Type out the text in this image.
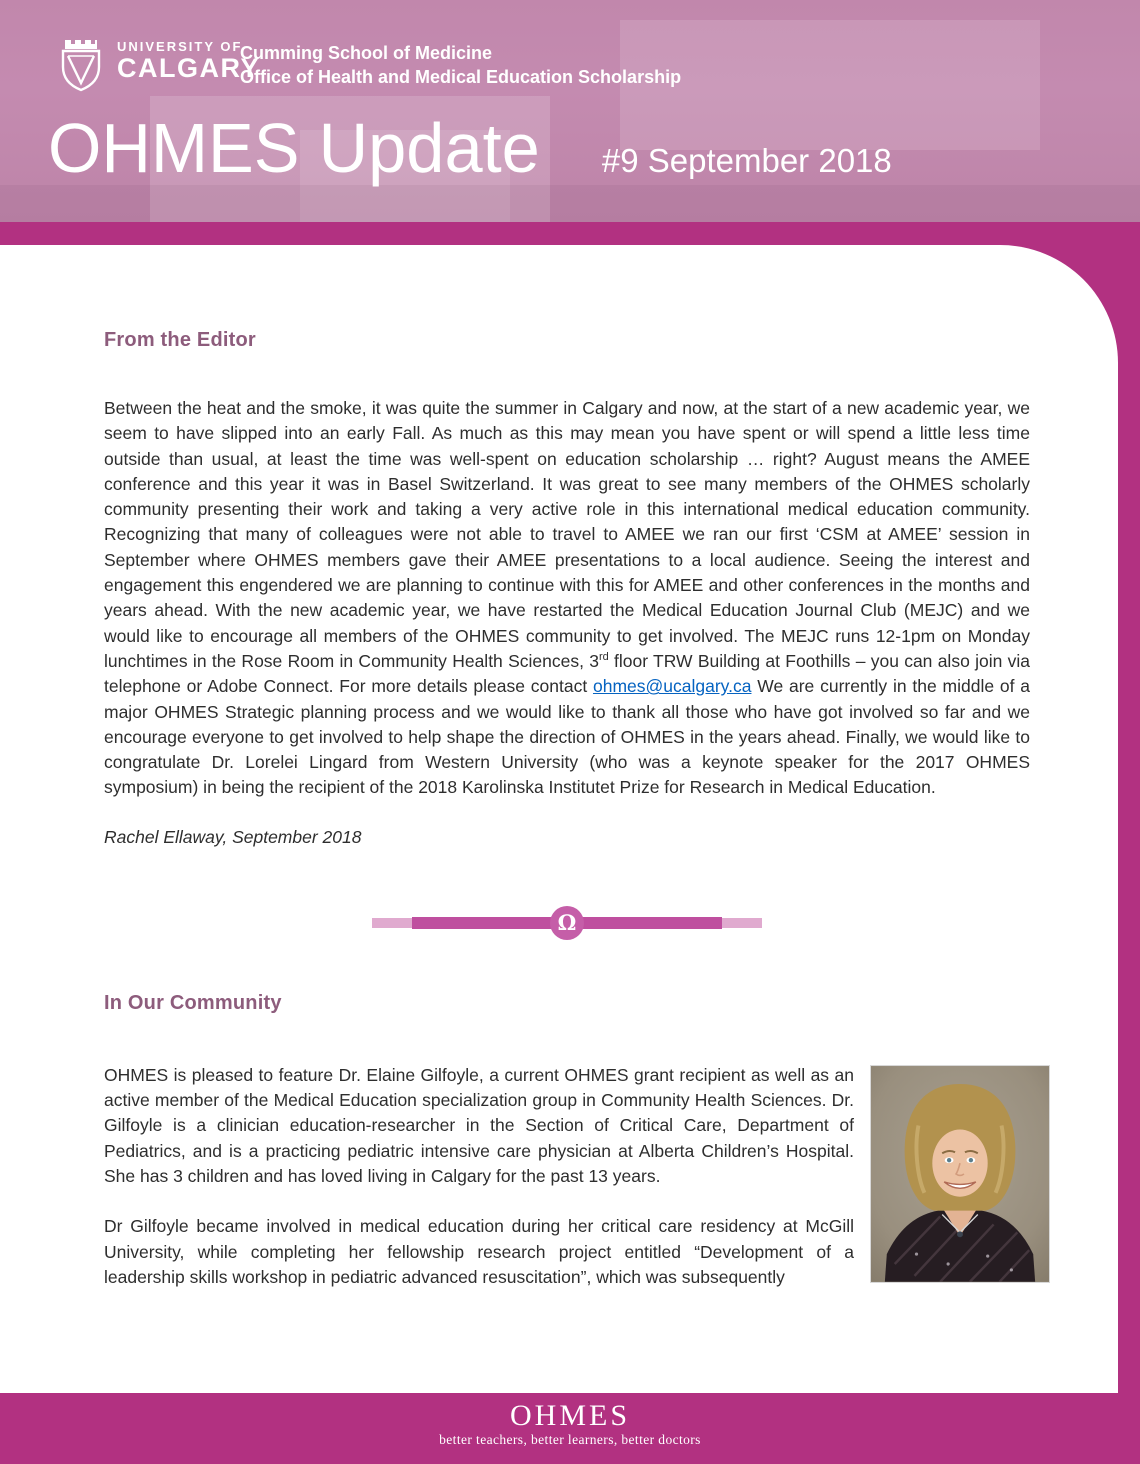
UNIVERSITY OF
CALGARY
Cumming School of Medicine
Office of Health and Medical Education Scholarship
OHMES Update #9 September 2018
From the Editor

Between the heat and the smoke, it was quite the summer in Calgary and now, at the start of a new academic year, we seem to have slipped into an early Fall. As much as this may mean you have spent or will spend a little less time outside than usual, at least the time was well-spent on education scholarship … right? August means the AMEE conference and this year it was in Basel Switzerland. It was great to see many members of the OHMES scholarly community presenting their work and taking a very active role in this international medical education community. Recognizing that many of colleagues were not able to travel to AMEE we ran our first ‘CSM at AMEE’ session in September where OHMES members gave their AMEE presentations to a local audience. Seeing the interest and engagement this engendered we are planning to continue with this for AMEE and other conferences in the months and years ahead. With the new academic year, we have restarted the Medical Education Journal Club (MEJC) and we would like to encourage all members of the OHMES community to get involved. The MEJC runs 12-1pm on Monday lunchtimes in the Rose Room in Community Health Sciences, 3rd floor TRW Building at Foothills – you can also join via telephone or Adobe Connect. For more details please contact ohmes@ucalgary.ca We are currently in the middle of a major OHMES Strategic planning process and we would like to thank all those who have got involved so far and we encourage everyone to get involved to help shape the direction of OHMES in the years ahead. Finally, we would like to congratulate Dr. Lorelei Lingard from Western University (who was a keynote speaker for the 2017 OHMES symposium) in being the recipient of the 2018 Karolinska Institutet Prize for Research in Medical Education.

Rachel Ellaway, September 2018
Ω
In Our Community

OHMES is pleased to feature Dr. Elaine Gilfoyle, a current OHMES grant recipient as well as an active member of the Medical Education specialization group in Community Health Sciences. Dr. Gilfoyle is a clinician education-researcher in the Section of Critical Care, Department of Pediatrics, and is a practicing pediatric intensive care physician at Alberta Children’s Hospital. She has 3 children and has loved living in Calgary for the past 13 years.

Dr Gilfoyle became involved in medical education during her critical care residency at McGill University, while completing her fellowship research project entitled “Development of a leadership skills workshop in pediatric advanced resuscitation”, which was subsequently

OHMES
better teachers, better learners, better doctors
